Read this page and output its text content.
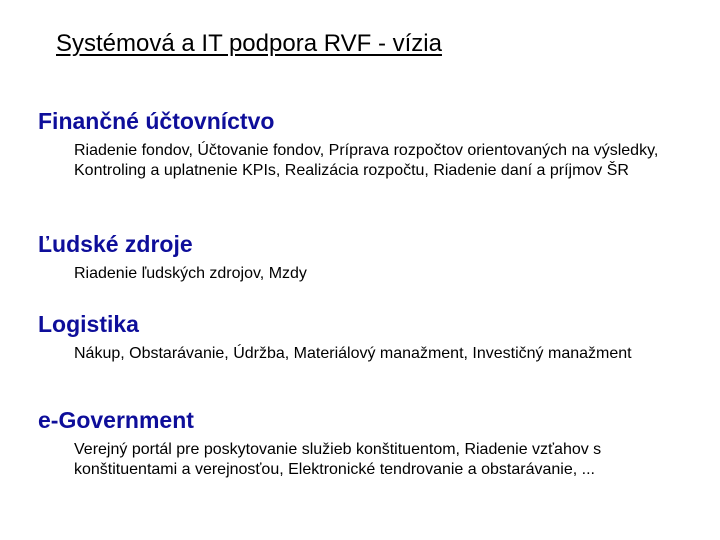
Systémová a IT podpora RVF - vízia
Finančné účtovníctvo
Riadenie fondov, Účtovanie fondov, Príprava rozpočtov orientovaných na výsledky, Kontroling a uplatnenie KPIs, Realizácia rozpočtu, Riadenie daní a príjmov ŠR
Ľudské zdroje
Riadenie ľudských zdrojov, Mzdy
Logistika
Nákup, Obstarávanie, Údržba, Materiálový manažment, Investičný manažment
e-Government
Verejný portál pre poskytovanie služieb konštituentom, Riadenie vzťahov s konštituentami a verejnosťou, Elektronické tendrovanie a obstarávanie, ...
